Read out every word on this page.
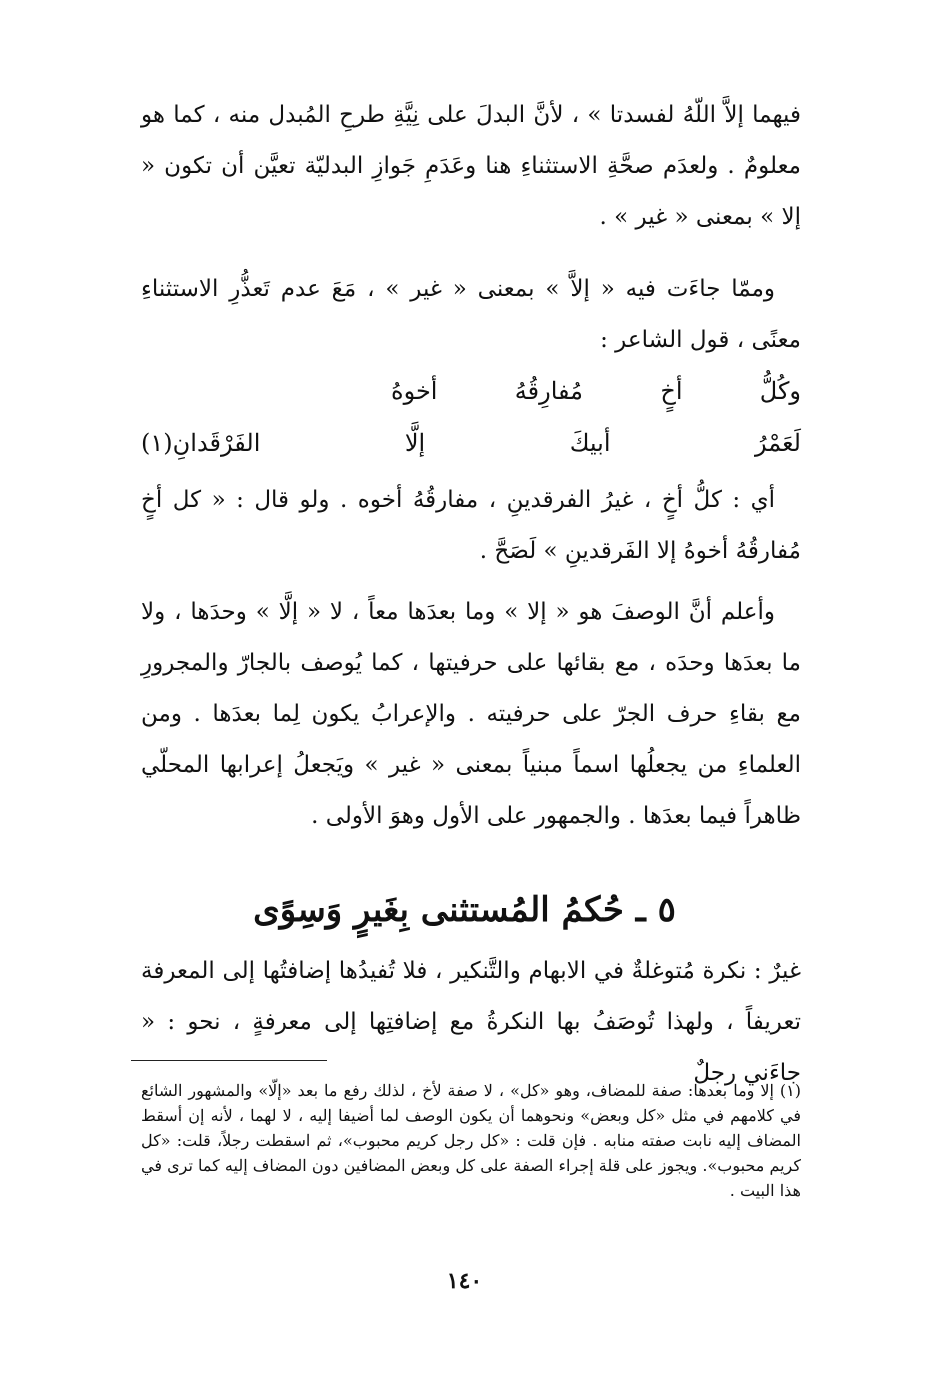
فيهما إلاَّ اللّهُ لفسدتا » ، لأنَّ البدلَ على نِيَّةِ طرحِ المُبدل منه ، كما هو معلومٌ . ولعدَم صحَّةِ الاستثناءِ هنا وعَدَمِ جَوازِ البدليّة تعيَّن أن تكون « إلا » بمعنى « غير » .

وممّا جاءَت فيه « إلاَّ » بمعنى « غير » ، مَعَ عدم تَعذُّرِ الاستثناءِ معنًى ، قول الشاعر :

وكُلُّ
أخٍ
مُفارِقُهُ
أخوهُ
لَعَمْرُ
أبيكَ
إلَّا
الفَرْقَدانِ(١)

أي : كلُّ أخٍ ، غيرُ الفرقدينِ ، مفارقُهُ أخوه . ولو قال : « كل أخٍ مُفارقُهُ أخوهُ إلا الفَرقدينِ » لَصَحَّ .

وأعلم أنَّ الوصفَ هو « إلا » وما بعدَها معاً ، لا « إلَّا » وحدَها ، ولا ما بعدَها وحدَه ، مع بقائها على حرفيتها ، كما يُوصف بالجارّ والمجرورِ مع بقاءِ حرف الجرّ على حرفيته . والإعرابُ يكون لِما بعدَها . ومن العلماءِ من يجعلُها اسماً مبنياً بمعنى « غير » ويَجعلُ إعرابها المحلّي ظاهراً فيما بعدَها . والجمهور على الأول وهوَ الأولى .

٥ ـ حُكمُ المُستثنى بِغَيرٍ وَسِوًى

غيرٌ : نكرة مُتوغلةٌ في الابهام والتَّنكير ، فلا تُفيدُها إضافتُها إلى المعرفة تعريفاً ، ولهذا تُوصَفُ بها النكرةُ مع إضافتِها إلى معرفةٍ ، نحو : « جاءَني رجلٌ

(١) إلا وما بعدها: صفة للمضاف، وهو «كل» ، لا صفة لأخ ، لذلك رفع ما بعد «إلّا» والمشهور الشائع في كلامهم في مثل «كل وبعض» ونحوهما أن يكون الوصف لما أضيفا إليه ، لا لهما ، لأنه إن أسقط المضاف إليه نابت صفته منابه . فإن قلت : «كل رجل كريم محبوب»، ثم اسقطت رجلاً، قلت: «كل كريم محبوب». ويجوز على قلة إجراء الصفة على كل وبعض المضافين دون المضاف إليه كما ترى في هذا البيت .

١٤٠
